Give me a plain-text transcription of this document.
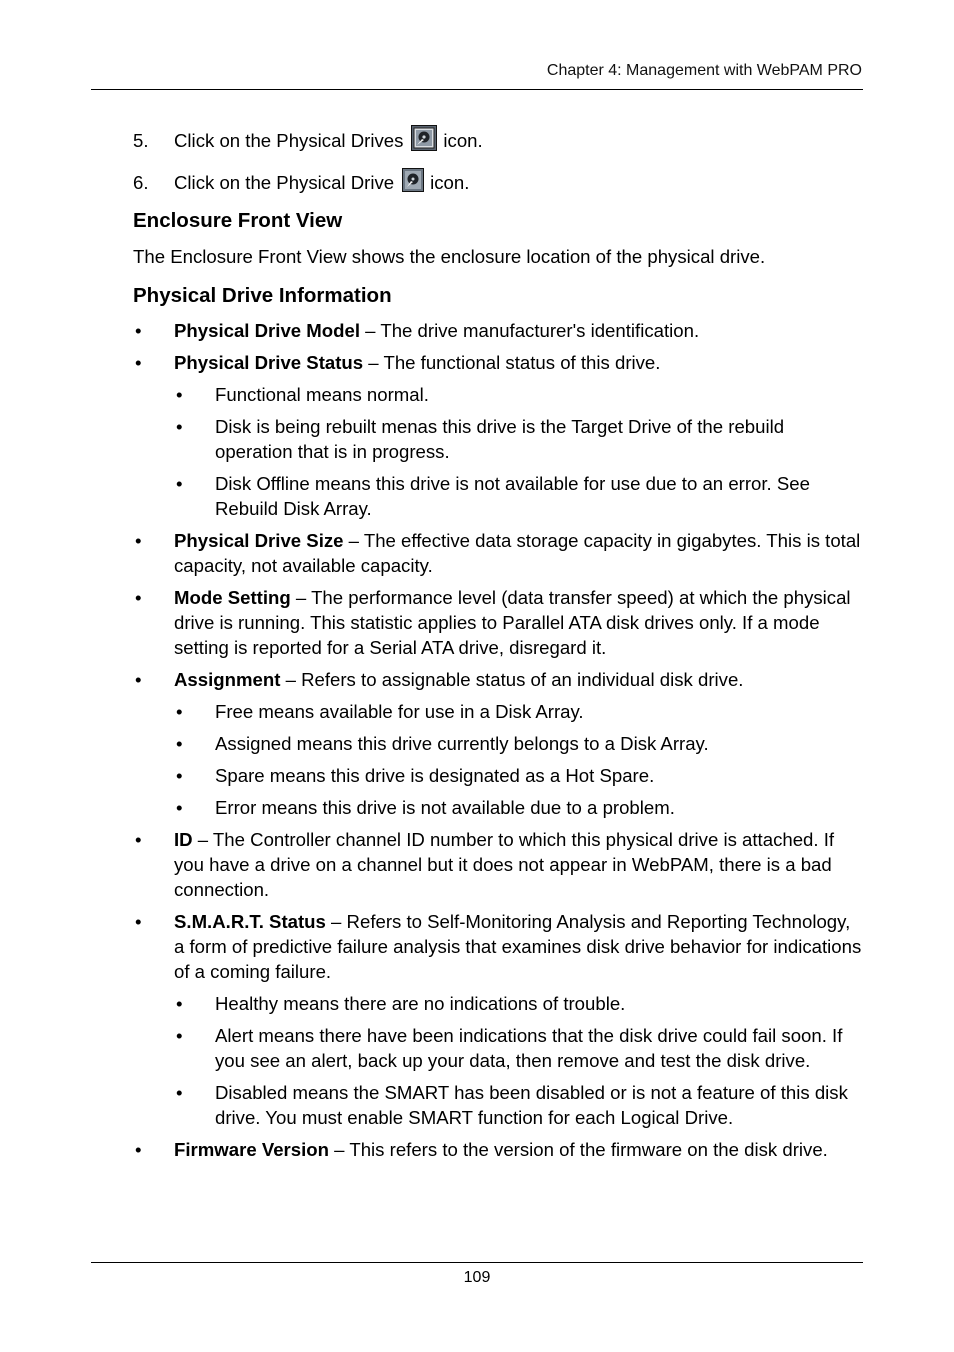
Chapter 4: Management with WebPAM PRO
5.	Click on the Physical Drives icon.
6.	Click on the Physical Drive icon.
Enclosure Front View

The Enclosure Front View shows the enclosure location of the physical drive.

Physical Drive Information
• Physical Drive Model – The drive manufacturer's identification.
• Physical Drive Status – The functional status of this drive.
• Functional means normal.
• Disk is being rebuilt menas this drive is the Target Drive of the rebuild operation that is in progress.
• Disk Offline means this drive is not available for use due to an error. See Rebuild Disk Array.
• Physical Drive Size – The effective data storage capacity in gigabytes. This is total capacity, not available capacity.
• Mode Setting – The performance level (data transfer speed) at which the physical drive is running. This statistic applies to Parallel ATA disk drives only. If a mode setting is reported for a Serial ATA drive, disregard it.
• Assignment – Refers to assignable status of an individual disk drive.
• Free means available for use in a Disk Array.
• Assigned means this drive currently belongs to a Disk Array.
• Spare means this drive is designated as a Hot Spare.
• Error means this drive is not available due to a problem.
• ID – The Controller channel ID number to which this physical drive is attached. If you have a drive on a channel but it does not appear in WebPAM, there is a bad connection.
• S.M.A.R.T. Status – Refers to Self-Monitoring Analysis and Reporting Technology, a form of predictive failure analysis that examines disk drive behavior for indications of a coming failure.
• Healthy means there are no indications of trouble.
• Alert means there have been indications that the disk drive could fail soon. If you see an alert, back up your data, then remove and test the disk drive.
• Disabled means the SMART has been disabled or is not a feature of this disk drive. You must enable SMART function for each Logical Drive.
• Firmware Version – This refers to the version of the firmware on the disk drive.
109
